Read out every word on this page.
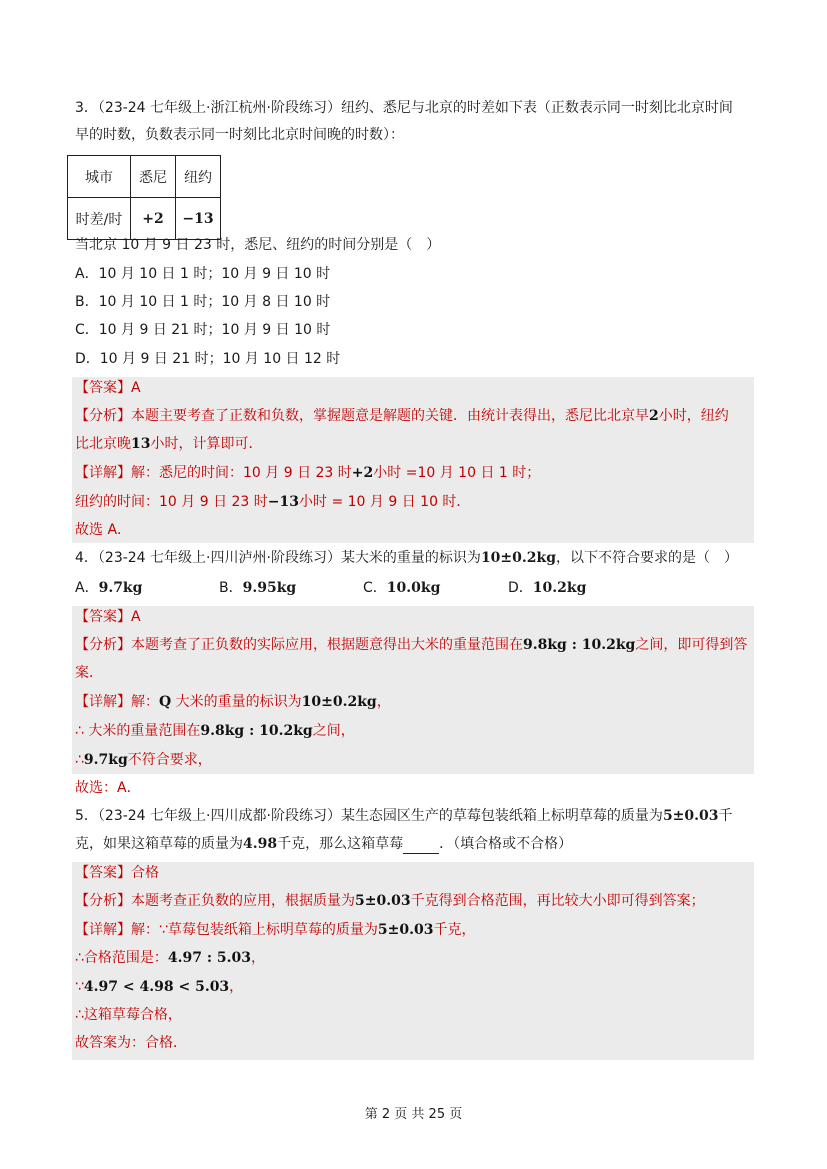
3．（23-24 七年级上·浙江杭州·阶段练习）纽约、悉尼与北京的时差如下表（正数表示同一时刻比北京时间
早的时数，负数表示同一时刻比北京时间晚的时数）：
城市	悉尼	纽约
时差/时	+2	−13
当北京 10 月 9 日 23 时，悉尼、纽约的时间分别是（　）
A．10 月 10 日 1 时；10 月 9 日 10 时
B．10 月 10 日 1 时；10 月 8 日 10 时
C．10 月 9 日 21 时；10 月 9 日 10 时
D．10 月 9 日 21 时；10 月 10 日 12 时
【答案】A
【分析】本题主要考查了正数和负数，掌握题意是解题的关键．由统计表得出，悉尼比北京早2小时，纽约
比北京晚13小时，计算即可．
【详解】解：悉尼的时间：10 月 9 日 23 时+2小时 =10 月 10 日 1 时；
纽约的时间：10 月 9 日 23 时−13小时 = 10 月 9 日 10 时．
故选 A．
4．（23-24 七年级上·四川泸州·阶段练习）某大米的重量的标识为10±0.2kg，以下不符合要求的是（　）
A．9.7kg	B．9.95kg	C．10.0kg	D．10.2kg
【答案】A
【分析】本题考查了正负数的实际应用，根据题意得出大米的重量范围在9.8kg : 10.2kg之间，即可得到答
案．
【详解】解：Q 大米的重量的标识为10±0.2kg，
∴ 大米的重量范围在9.8kg : 10.2kg之间，
∴9.7kg不符合要求，
故选：A．
5．（23-24 七年级上·四川成都·阶段练习）某生态园区生产的草莓包装纸箱上标明草莓的质量为5±0.03千
克，如果这箱草莓的质量为4.98千克，那么这箱草莓	．（填合格或不合格）
【答案】合格
【分析】本题考查正负数的应用，根据质量为5±0.03千克得到合格范围，再比较大小即可得到答案；
【详解】解：∵草莓包装纸箱上标明草莓的质量为5±0.03千克，
∴合格范围是：4.97 : 5.03，
∵4.97 < 4.98 < 5.03，
∴这箱草莓合格，
故答案为：合格．
第 2 页 共 25 页
